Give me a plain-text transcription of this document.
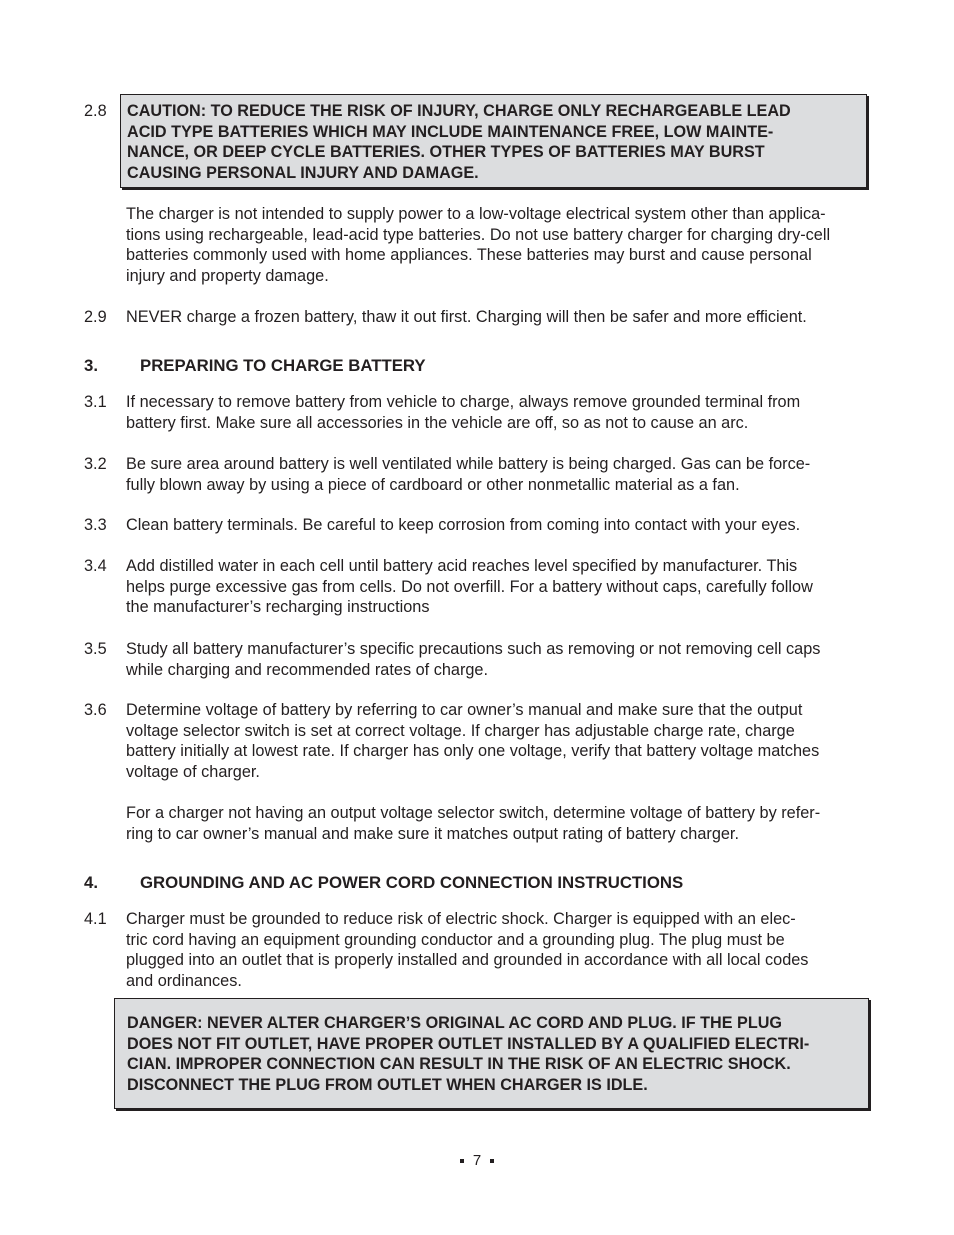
2.8 CAUTION: TO REDUCE THE RISK OF INJURY, CHARGE ONLY RECHARGEABLE LEAD
ACID TYPE BATTERIES WHICH MAY INCLUDE MAINTENANCE FREE, LOW MAINTE-
NANCE, OR DEEP CYCLE BATTERIES. OTHER TYPES OF BATTERIES MAY BURST
CAUSING PERSONAL INJURY AND DAMAGE.
The charger is not intended to supply power to a low-voltage electrical system other than applica-
tions using rechargeable, lead-acid type batteries. Do not use battery charger for charging dry-cell
batteries commonly used with home appliances. These batteries may burst and cause personal
injury and property damage.
2.9 NEVER charge a frozen battery, thaw it out first. Charging will then be safer and more efficient.
3.	PREPARING TO CHARGE BATTERY
3.1 If necessary to remove battery from vehicle to charge, always remove grounded terminal from
battery first. Make sure all accessories in the vehicle are off, so as not to cause an arc.
3.2 Be sure area around battery is well ventilated while battery is being charged. Gas can be force-
fully blown away by using a piece of cardboard or other nonmetallic material as a fan.
3.3 Clean battery terminals. Be careful to keep corrosion from coming into contact with your eyes.
3.4 Add distilled water in each cell until battery acid reaches level specified by manufacturer. This
helps purge excessive gas from cells. Do not overfill. For a battery without caps, carefully follow
the manufacturer’s recharging instructions
3.5 Study all battery manufacturer’s specific precautions such as removing or not removing cell caps
while charging and recommended rates of charge.
3.6 Determine voltage of battery by referring to car owner’s manual and make sure that the output
voltage selector switch is set at correct voltage. If charger has adjustable charge rate, charge
battery initially at lowest rate. If charger has only one voltage, verify that battery voltage matches
voltage of charger.
For a charger not having an output voltage selector switch, determine voltage of battery by refer-
ring to car owner’s manual and make sure it matches output rating of battery charger.
4.	GROUNDING AND AC POWER CORD CONNECTION INSTRUCTIONS
4.1 Charger must be grounded to reduce risk of electric shock. Charger is equipped with an elec-
tric cord having an equipment grounding conductor and a grounding plug. The plug must be
plugged into an outlet that is properly installed and grounded in accordance with all local codes
and ordinances.
DANGER: NEVER ALTER CHARGER’S ORIGINAL AC CORD AND PLUG. IF THE PLUG
DOES NOT FIT OUTLET, HAVE PROPER OUTLET INSTALLED BY A QUALIFIED ELECTRI-
CIAN. IMPROPER CONNECTION CAN RESULT IN THE RISK OF AN ELECTRIC SHOCK.
DISCONNECT THE PLUG FROM OUTLET WHEN CHARGER IS IDLE.
7
